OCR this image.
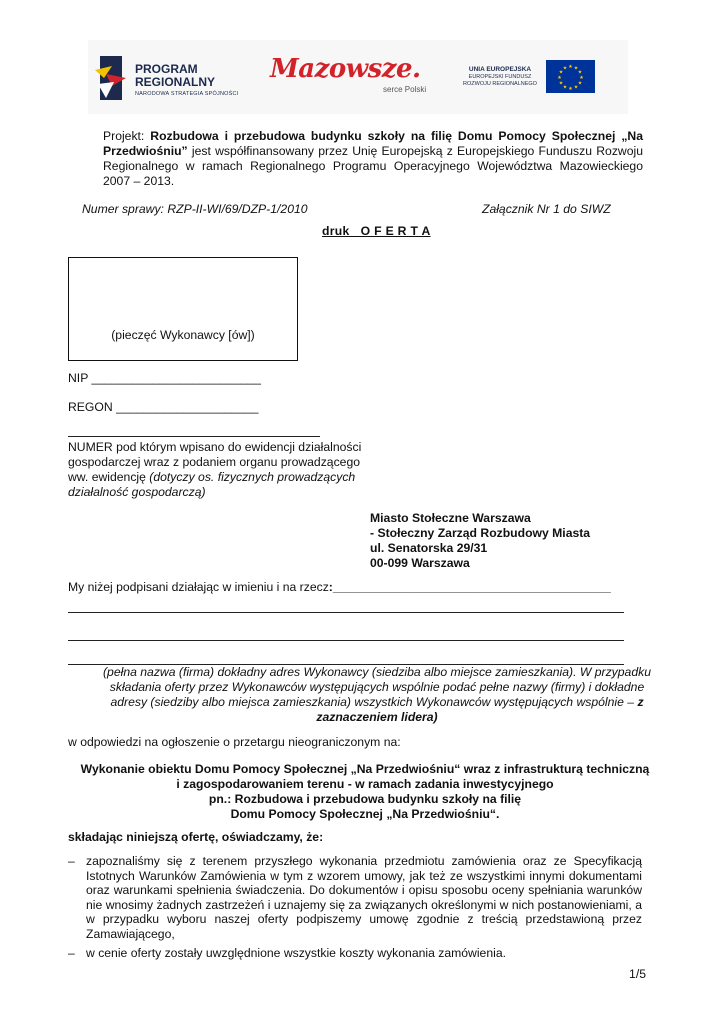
PROGRAM
REGIONALNY
NARODOWA STRATEGIA SPÓJNOŚCI
Mazowsze.
serce Polski
UNIA EUROPEJSKA
EUROPEJSKI FUNDUSZ
ROZWOJU REGIONALNEGO
★ ★
★
★
★
★
★
★
★
★
★
★
Projekt: Rozbudowa i przebudowa budynku szkoły na filię Domu Pomocy Społecznej „Na Przedwiośniu” jest współfinansowany przez Unię Europejską z Europejskiego Funduszu Rozwoju Regionalnego w ramach Regionalnego Programu Operacyjnego Województwa Mazowieckiego 2007 – 2013.
Numer sprawy: RZP-II-WI/69/DZP-1/2010	Załącznik Nr 1 do SIWZ
druk   O F E R T A
(pieczęć Wykonawcy [ów])
NIP _________________________
REGON _____________________
NUMER pod którym wpisano do ewidencji działalności
gospodarczej wraz z podaniem organu prowadzącego
ww. ewidencję (dotyczy os. fizycznych prowadzących
działalność gospodarczą)
Miasto Stołeczne Warszawa
- Stołeczny Zarząd Rozbudowy Miasta
ul. Senatorska 29/31
00-099 Warszawa
My niżej podpisani działając w imieniu i na rzecz:_________________________________________
(pełna nazwa (firma) dokładny adres Wykonawcy (siedziba albo miejsce zamieszkania). W przypadku składania oferty przez Wykonawców występujących wspólnie podać pełne nazwy (firmy) i dokładne adresy (siedziby albo miejsca zamieszkania) wszystkich Wykonawców występujących wspólnie – z zaznaczeniem lidera)
w odpowiedzi na ogłoszenie o przetargu nieograniczonym na:
Wykonanie obiektu Domu Pomocy Społecznej „Na Przedwiośniu“ wraz z infrastrukturą techniczną
i zagospodarowaniem terenu - w ramach zadania inwestycyjnego
pn.: Rozbudowa i przebudowa budynku szkoły na filię
Domu Pomocy Społecznej „Na Przedwiośniu“.
składając niniejszą ofertę, oświadczamy, że:
– zapoznaliśmy się z terenem przyszłego wykonania przedmiotu zamówienia oraz ze Specyfikacją Istotnych Warunków Zamówienia w tym z wzorem umowy, jak też ze wszystkimi innymi dokumentami oraz warunkami spełnienia świadczenia. Do dokumentów i opisu sposobu oceny spełniania warunków nie wnosimy żadnych zastrzeżeń i uznajemy się za związanych określonymi w nich postanowieniami, a w przypadku wyboru naszej oferty podpiszemy umowę zgodnie z treścią przedstawioną przez Zamawiającego,
– w cenie oferty zostały uwzględnione wszystkie koszty wykonania zamówienia.
1/5
